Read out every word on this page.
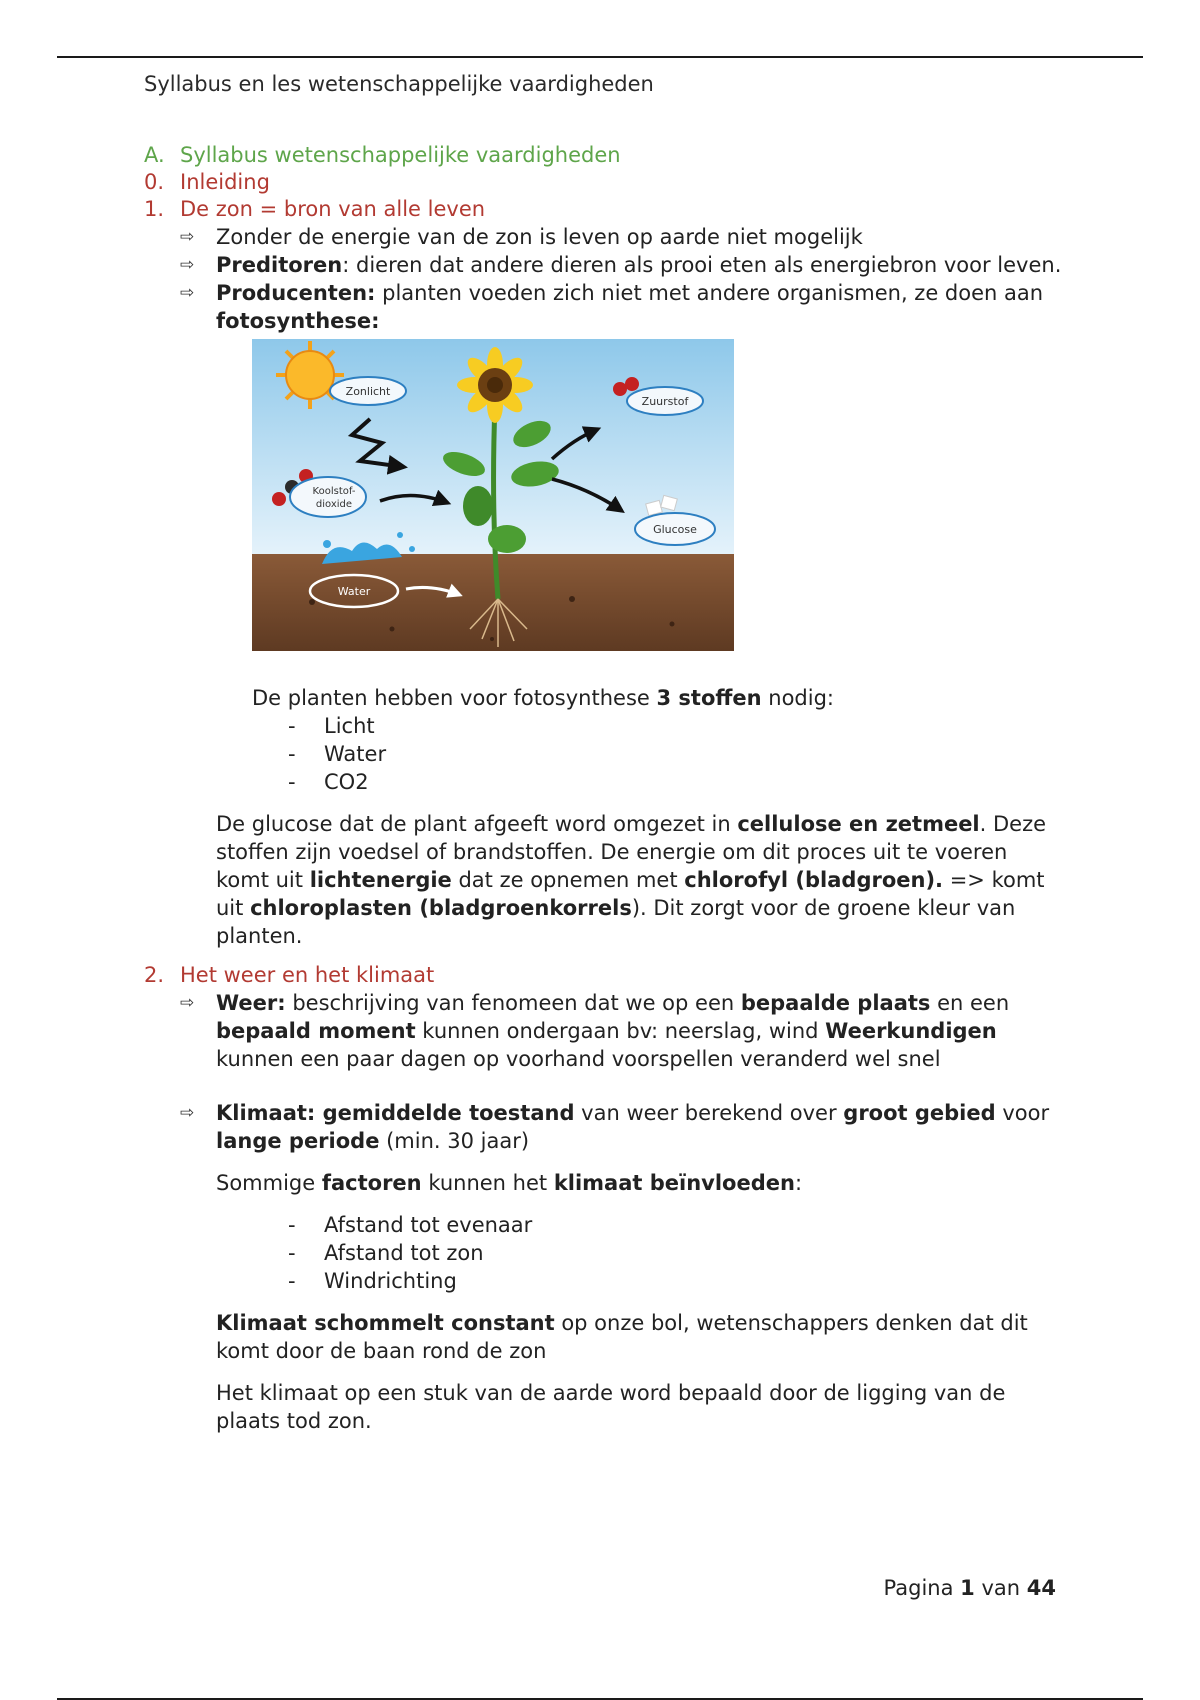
Syllabus en les wetenschappelijke vaardigheden
A. Syllabus wetenschappelijke vaardigheden
0. Inleiding
1. De zon = bron van alle leven
⇨	Zonder de energie van de zon is leven op aarde niet mogelijk
⇨	Preditoren: dieren dat andere dieren als prooi eten als energiebron voor leven.
⇨	Producenten: planten voeden zich niet met andere organismen, ze doen aan fotosynthese:
Zonlicht
Zuurstof
Koolstof-
dioxide
Glucose
Water
De planten hebben voor fotosynthese 3 stoffen nodig:
-	Licht
-	Water
-	CO2
De glucose dat de plant afgeeft word omgezet in cellulose en zetmeel. Deze stoffen zijn voedsel of brandstoffen. De energie om dit proces uit te voeren komt uit lichtenergie dat ze opnemen met chlorofyl (bladgroen). => komt uit chloroplasten (bladgroenkorrels). Dit zorgt voor de groene kleur van planten.
2. Het weer en het klimaat
⇨	Weer: beschrijving van fenomeen dat we op een bepaalde plaats en een bepaald moment kunnen ondergaan bv: neerslag, wind Weerkundigen kunnen een paar dagen op voorhand voorspellen veranderd wel snel
⇨	Klimaat: gemiddelde toestand van weer berekend over groot gebied voor lange periode (min. 30 jaar)
Sommige factoren kunnen het klimaat beïnvloeden:
-	Afstand tot evenaar
-	Afstand tot zon
-	Windrichting
Klimaat schommelt constant op onze bol, wetenschappers denken dat dit komt door de baan rond de zon
Het klimaat op een stuk van de aarde word bepaald door de ligging van de plaats tod zon.
Pagina 1 van 44
